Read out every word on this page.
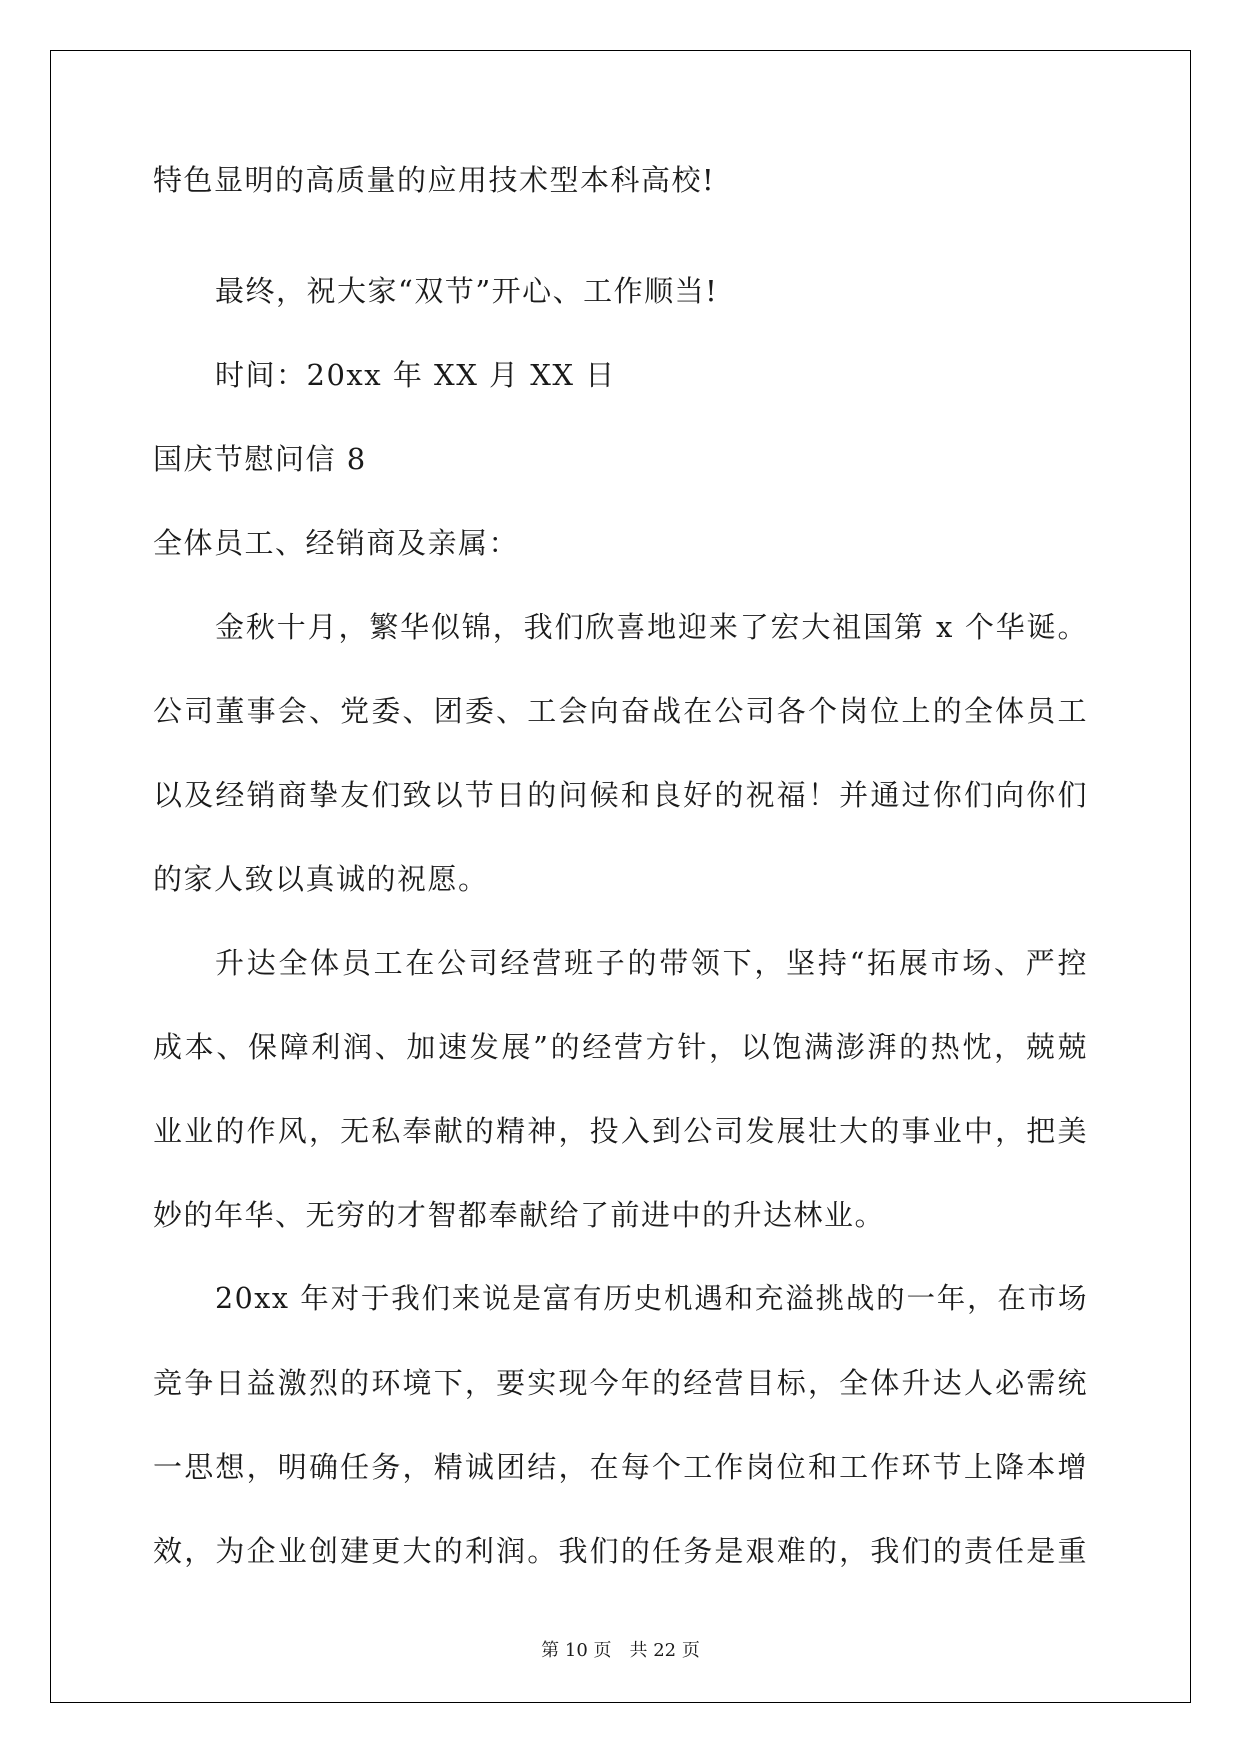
特色显明的高质量的应用技术型本科高校!

最终，祝大家“双节”开心、工作顺当!

时间：20xx 年 XX 月 XX 日

国庆节慰问信 8

全体员工、经销商及亲属：

金秋十月，繁华似锦，我们欣喜地迎来了宏大祖国第 x 个华诞。

公司董事会、党委、团委、工会向奋战在公司各个岗位上的全体员工

以及经销商挚友们致以节日的问候和良好的祝福！并通过你们向你们

的家人致以真诚的祝愿。

升达全体员工在公司经营班子的带领下，坚持“拓展市场、严控

成本、保障利润、加速发展”的经营方针，以饱满澎湃的热忱，兢兢

业业的作风，无私奉献的精神，投入到公司发展壮大的事业中，把美

妙的年华、无穷的才智都奉献给了前进中的升达林业。

20xx 年对于我们来说是富有历史机遇和充溢挑战的一年，在市场

竞争日益激烈的环境下，要实现今年的经营目标，全体升达人必需统

一思想，明确任务，精诚团结，在每个工作岗位和工作环节上降本增

效，为企业创建更大的利润。我们的任务是艰难的，我们的责任是重

第 10 页　共 22 页
